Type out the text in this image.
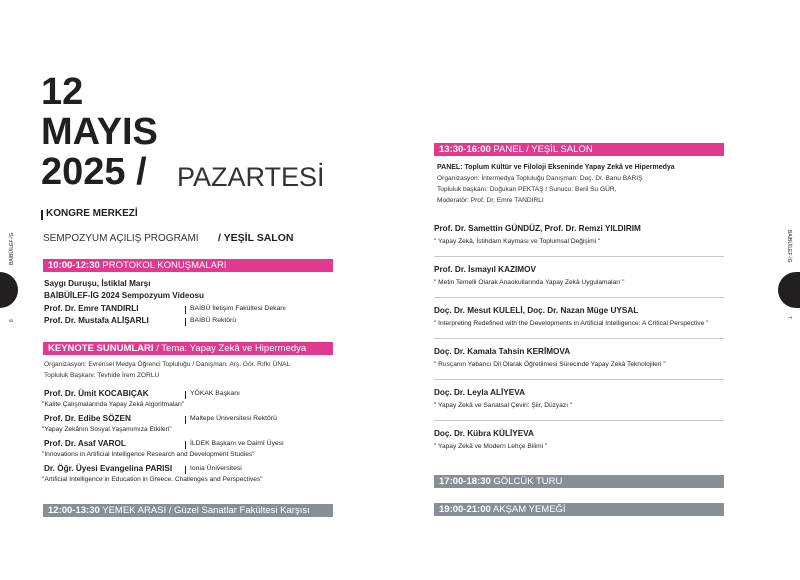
BAİBÜİLEF-İG
6
12
MAYIS
2025 / PAZARTESİ
KONGRE MERKEZİ
SEMPOZYUM AÇILIŞ PROGRAMI / YEŞİL SALON
10:00-12:30 PROTOKOL KONUŞMALARI
Saygı Duruşu, İstiklal Marşı
BAİBÜİLEF-İG 2024 Sempozyum Videosu
Prof. Dr. Emre TANDIRLI	BAİBÜ İletişim Fakültesi Dekanı
Prof. Dr. Mustafa ALİŞARLI	BAİBÜ Rektörü
KEYNOTE SUNUMLARI / Tema: Yapay Zekâ ve Hipermedya
Organizasyon: Evrensel Medya Öğrenci Topluluğu / Danışman: Arş. Gör. Rıfkı ÜNAL
Topluluk Başkanı: Tevhide İrem ZORLU
Prof. Dr. Ümit KOCABIÇAK	YÖKAK Başkanı
"Kalite Çalışmalarında Yapay Zekâ Algoritmaları"
Prof. Dr. Edibe SÖZEN	Maltepe Üniversitesi Rektörü
"Yapay Zekânın Sosyal Yaşamımıza Etkileri"
Prof. Dr. Asaf VAROL	İLDEK Başkanı ve Daimî Üyesi
"Innovations in Artificial Intelligence Research and Development Studies"
Dr. Öğr. Üyesi Evangelina PARISI	Ionia Üniversitesi
"Artificial Intelligence in Education in Greece. Challenges and Perspectives"
12:00-13:30 YEMEK ARASI / Güzel Sanatlar Fakültesi Karşısı
BAİBÜİLEF-İG
7
13:30-16:00 PANEL / YEŞİL SALON
PANEL: Toplum Kültür ve Filoloji Ekseninde Yapay Zekâ ve Hipermedya
Organizasyon: İntermedya Topluluğu Danışman: Doç. Dr. Banu BARIŞ
Topluluk başkanı: Doğukan PEKTAŞ / Sunucu: Beril Su GÜR,
Moderatör: Prof. Dr. Emre TANDIRLI
Prof. Dr. Samettin GÜNDÜZ, Prof. Dr. Remzi YILDIRIM
" Yapay Zekâ, İstihdam Kayması ve Toplumsal Değişimi "
Prof. Dr. İsmayıl KAZIMOV
" Metin Temelli Olarak Anaokullarında Yapay Zekâ Uygulamaları "
Doç. Dr. Mesut KULELİ, Doç. Dr. Nazan Müge UYSAL
" Interpreting Redefined with the Developments in Artificial Intelligence: A Critical Perspective "
Doç. Dr. Kamala Tahsin KERİMOVA
" Rusçanın Yabancı Dil Olarak Öğretilmesi Sürecinde Yapay Zekâ Teknolojileri "
Doç. Dr. Leyla ALİYEVA
" Yapay Zekâ ve Sanatsal Çeviri: Şiir, Düzyazı "
Doç. Dr. Kübra KÜLİYEVA
" Yapay Zekâ ve Modern Lehçe Bilimi "
17:00-18:30 GÖLCÜK TURU
19:00-21:00 AKŞAM YEMEĞİ
